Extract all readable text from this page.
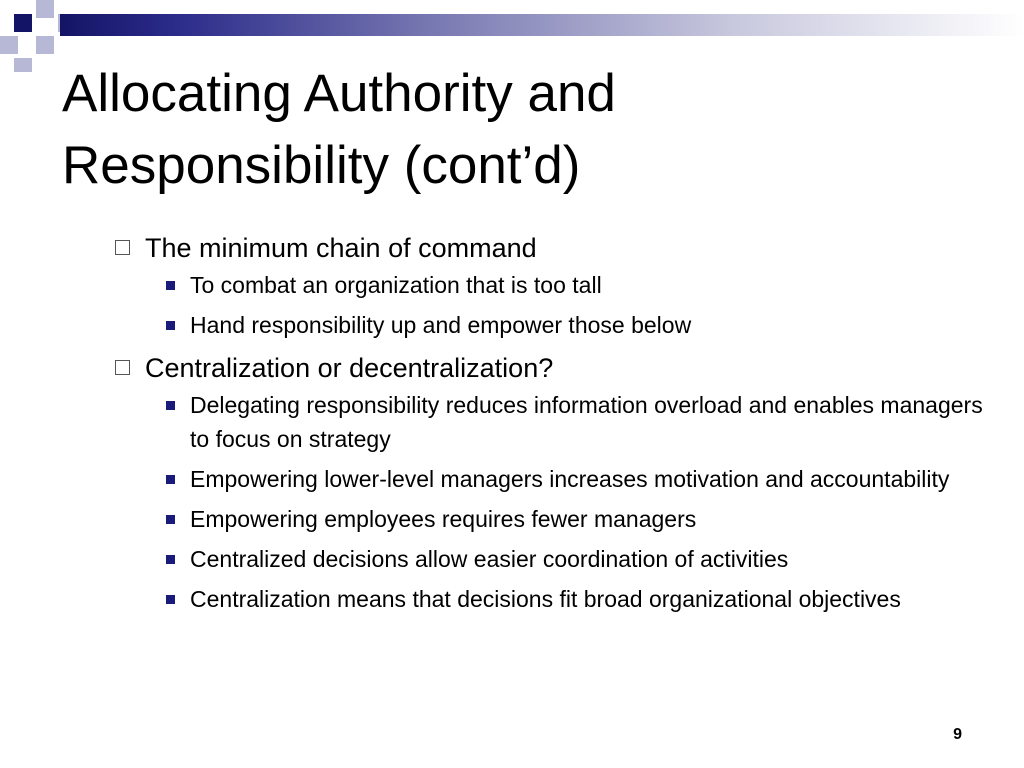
Allocating Authority and
Responsibility (cont’d)
The minimum chain of command
To combat an organization that is too tall
Hand responsibility up and empower those below
Centralization or decentralization?
Delegating responsibility reduces information overload and enables managers to focus on strategy
Empowering lower-level managers increases motivation and accountability
Empowering employees requires fewer managers
Centralized decisions allow easier coordination of activities
Centralization means that decisions fit broad organizational objectives
9
